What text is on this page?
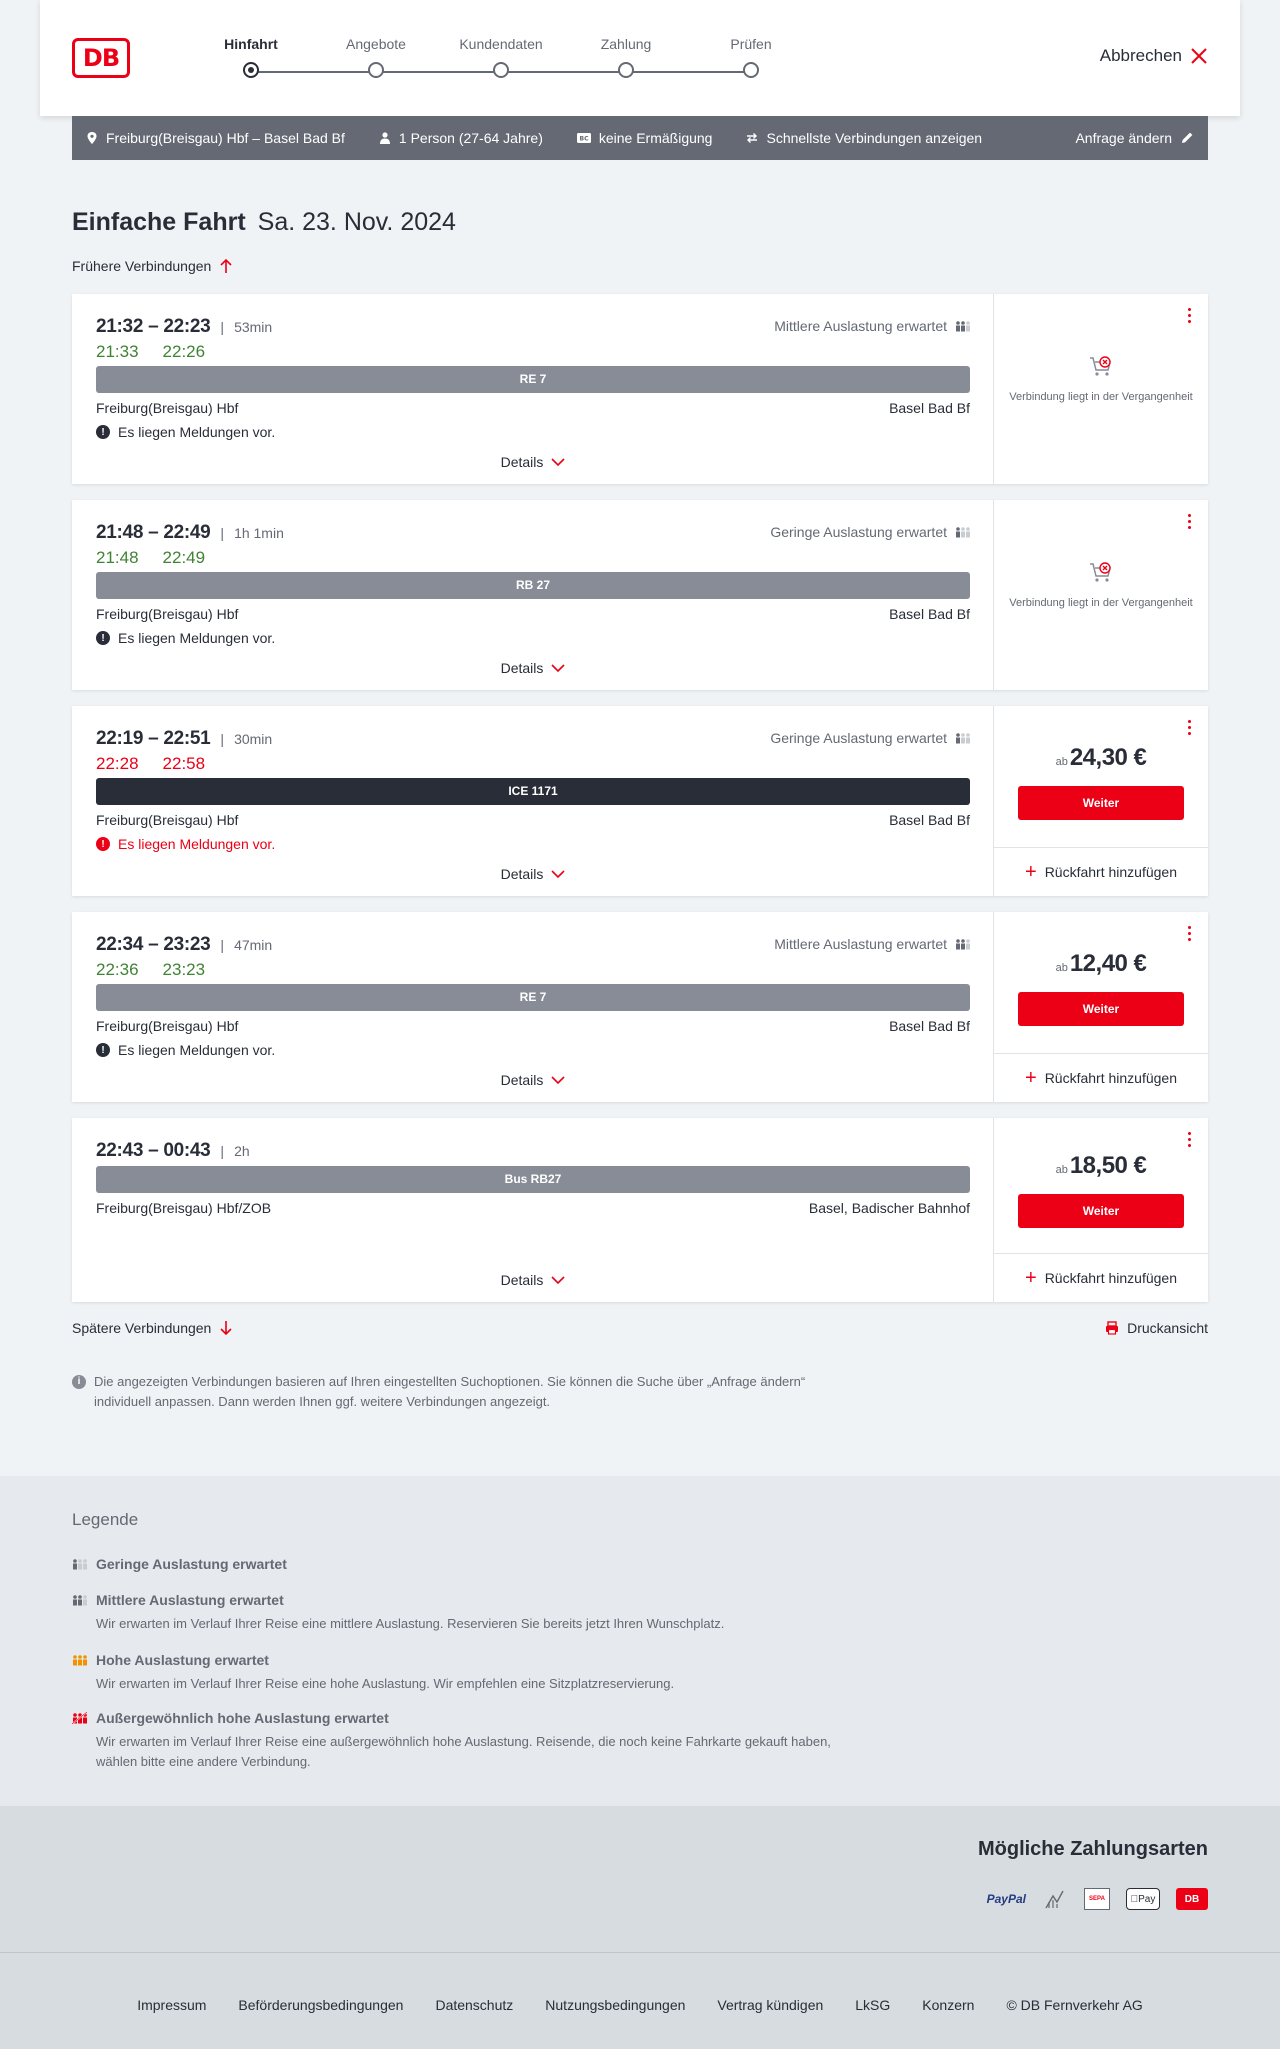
DB	Hinfahrt	Angebote	Kundendaten	Zahlung	Prüfen
Abbrechen
Freiburg(Breisgau) Hbf – Basel Bad Bf	1 Person (27-64 Jahre)	BC keine Ermäßigung	Schnellste Verbindungen anzeigen	Anfrage ändern
Einfache Fahrt Sa. 23. Nov. 2024
Frühere Verbindungen
21:32 – 22:23 | 53min
21:33 22:26
Mittlere Auslastung erwartet
RE 7
Freiburg(Breisgau) Hbf	Basel Bad Bf
! Es liegen Meldungen vor.
Details
Verbindung liegt in der Vergangenheit
21:48 – 22:49 | 1h 1min
21:48 22:49
Geringe Auslastung erwartet
RB 27
Freiburg(Breisgau) Hbf	Basel Bad Bf
! Es liegen Meldungen vor.
Details
Verbindung liegt in der Vergangenheit
22:19 – 22:51 | 30min
22:28 22:58
Geringe Auslastung erwartet
ICE 1171
Freiburg(Breisgau) Hbf	Basel Bad Bf
! Es liegen Meldungen vor.
Details
ab24,30 €
Weiter
+ Rückfahrt hinzufügen
22:34 – 23:23 | 47min
22:36 23:23
Mittlere Auslastung erwartet
RE 7
Freiburg(Breisgau) Hbf	Basel Bad Bf
! Es liegen Meldungen vor.
Details
ab12,40 €
Weiter
+ Rückfahrt hinzufügen
22:43 – 00:43 | 2h
Bus RB27
Freiburg(Breisgau) Hbf/ZOB	Basel, Badischer Bahnhof
Details
ab18,50 €
Weiter
+ Rückfahrt hinzufügen
Spätere Verbindungen	Druckansicht
i	Die angezeigten Verbindungen basieren auf Ihren eingestellten Suchoptionen. Sie können die Suche über „Anfrage ändern“ individuell anpassen. Dann werden Ihnen ggf. weitere Verbindungen angezeigt.
Legende
Geringe Auslastung erwartet
Mittlere Auslastung erwartet
Wir erwarten im Verlauf Ihrer Reise eine mittlere Auslastung. Reservieren Sie bereits jetzt Ihren Wunschplatz.
Hohe Auslastung erwartet
Wir erwarten im Verlauf Ihrer Reise eine hohe Auslastung. Wir empfehlen eine Sitzplatzreservierung.
Außergewöhnlich hohe Auslastung erwartet
Wir erwarten im Verlauf Ihrer Reise eine außergewöhnlich hohe Auslastung. Reisende, die noch keine Fahrkarte gekauft haben, wählen bitte eine andere Verbindung.
Mögliche Zahlungsarten
PayPal	SEPA	Pay	DB
Impressum Beförderungsbedingungen Datenschutz Nutzungsbedingungen Vertrag kündigen LkSG Konzern © DB Fernverkehr AG
